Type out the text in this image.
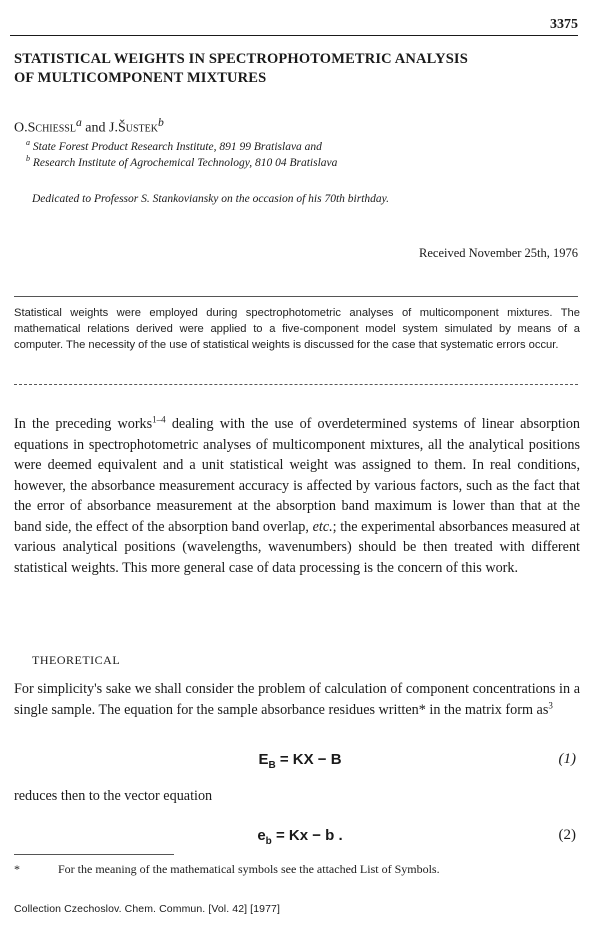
3375
STATISTICAL WEIGHTS IN SPECTROPHOTOMETRIC ANALYSIS
OF MULTICOMPONENT MIXTURES
O.Schiessl$^a$ and J.Šustek$^b$
$^a$ State Forest Product Research Institute, 891 99 Bratislava and
$^b$ Research Institute of Agrochemical Technology, 810 04 Bratislava
Dedicated to Professor S. Stankoviansky on the occasion of his 70th birthday.
Received November 25th, 1976
Statistical weights were employed during spectrophotometric analyses of multicomponent mixtures. The mathematical relations derived were applied to a five-component model system simulated by means of a computer. The necessity of the use of statistical weights is discussed for the case that systematic errors occur.
In the preceding works$^{1-4}$ dealing with the use of overdetermined systems of linear absorption equations in spectrophotometric analyses of multicomponent mixtures, all the analytical positions were deemed equivalent and a unit statistical weight was assigned to them. In real conditions, however, the absorbance measurement accuracy is affected by various factors, such as the fact that the error of absorbance measurement at the absorption band maximum is lower than that at the band side, the effect of the absorption band overlap, etc.; the experimental absorbances measured at various analytical positions (wavelengths, wavenumbers) should be then treated with different statistical weights. This more general case of data processing is the concern of this work.
THEORETICAL
For simplicity's sake we shall consider the problem of calculation of component concentrations in a single sample. The equation for the sample absorbance residues written* in the matrix form $as^3$
$E_B$ = KX − B	(1)
reduces then to the vector equation
$e_b = Kx - b$ .	(2)
*	For the meaning of the mathematical symbols see the attached List of Symbols.
Collection Czechoslov. Chem. Commun. [Vol. 42] [1977]
